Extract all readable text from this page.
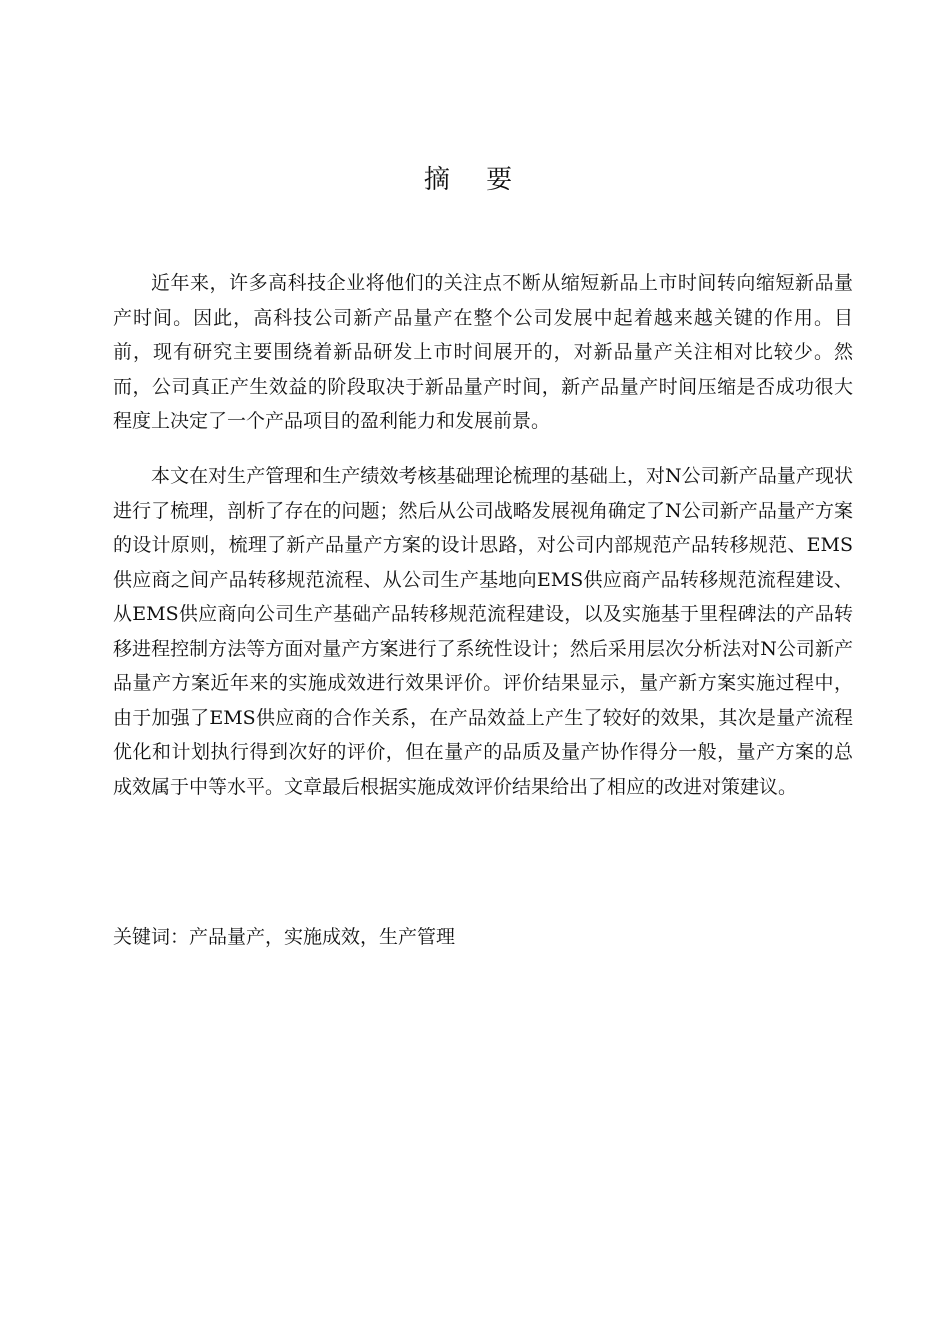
摘 要

近年来，许多高科技企业将他们的关注点不断从缩短新品上市时间转向缩短新品量产时间。因此，高科技公司新产品量产在整个公司发展中起着越来越关键的作用。目前，现有研究主要围绕着新品研发上市时间展开的，对新品量产关注相对比较少。然而，公司真正产生效益的阶段取决于新品量产时间，新产品量产时间压缩是否成功很大程度上决定了一个产品项目的盈利能力和发展前景。

本文在对生产管理和生产绩效考核基础理论梳理的基础上，对N公司新产品量产现状进行了梳理，剖析了存在的问题；然后从公司战略发展视角确定了N公司新产品量产方案的设计原则，梳理了新产品量产方案的设计思路，对公司内部规范产品转移规范、EMS供应商之间产品转移规范流程、从公司生产基地向EMS供应商产品转移规范流程建设、从EMS供应商向公司生产基础产品转移规范流程建设，以及实施基于里程碑法的产品转移进程控制方法等方面对量产方案进行了系统性设计；然后采用层次分析法对N公司新产品量产方案近年来的实施成效进行效果评价。评价结果显示，量产新方案实施过程中，由于加强了EMS供应商的合作关系，在产品效益上产生了较好的效果，其次是量产流程优化和计划执行得到次好的评价，但在量产的品质及量产协作得分一般，量产方案的总成效属于中等水平。文章最后根据实施成效评价结果给出了相应的改进对策建议。

关键词：产品量产，实施成效，生产管理
